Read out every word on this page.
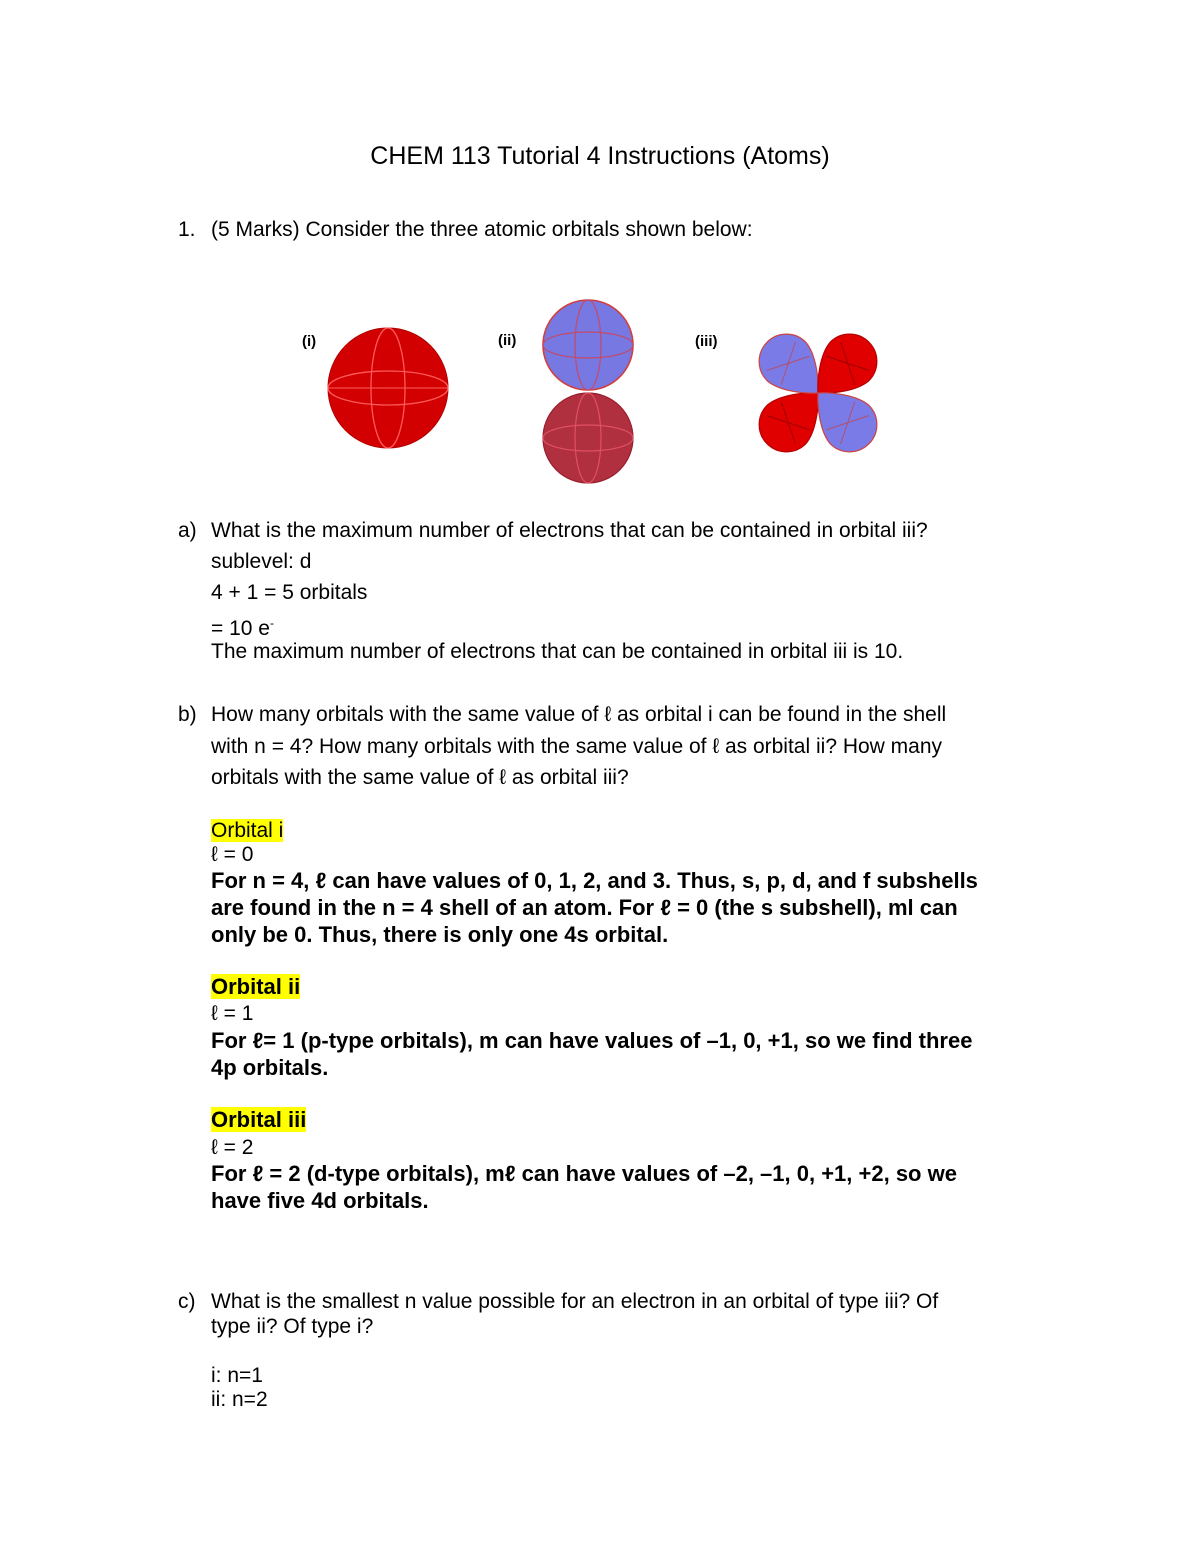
CHEM 113 Tutorial 4 Instructions (Atoms)
1. (5 Marks) Consider the three atomic orbitals shown below:
(i)	(ii)	(iii)
a) What is the maximum number of electrons that can be contained in orbital iii?
sublevel: d
4 + 1 = 5 orbitals
= 10 e-
The maximum number of electrons that can be contained in orbital iii is 10.
b) How many orbitals with the same value of ℓ as orbital i can be found in the shell
with n = 4? How many orbitals with the same value of ℓ as orbital ii? How many
orbitals with the same value of ℓ as orbital iii?
Orbital i
ℓ = 0
For n = 4, ℓ can have values of 0, 1, 2, and 3. Thus, s, p, d, and f subshells
are found in the n = 4 shell of an atom. For ℓ = 0 (the s subshell), ml can
only be 0. Thus, there is only one 4s orbital.
Orbital ii
ℓ = 1
For ℓ= 1 (p-type orbitals), m can have values of –1, 0, +1, so we find three
4p orbitals.
Orbital iii
ℓ = 2
For ℓ = 2 (d-type orbitals), mℓ can have values of –2, –1, 0, +1, +2, so we
have five 4d orbitals.
c) What is the smallest n value possible for an electron in an orbital of type iii? Of
type ii? Of type i?
i: n=1
ii: n=2
